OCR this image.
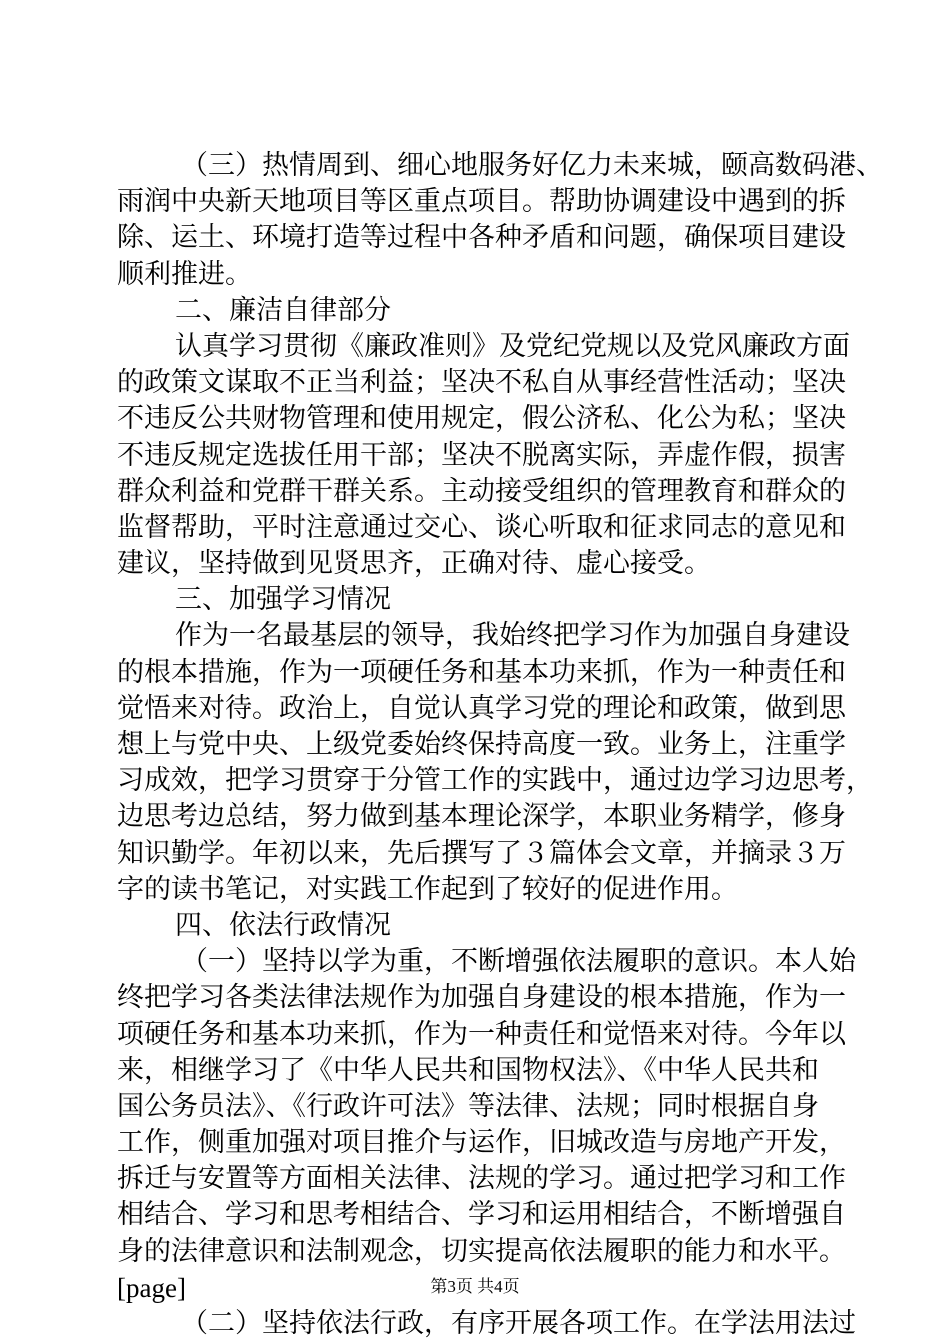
（三）热情周到、细心地服务好亿力未来城，颐高数码港、
雨润中央新天地项目等区重点项目。帮助协调建设中遇到的拆
除、运土、环境打造等过程中各种矛盾和问题，确保项目建设
顺利推进。
二、廉洁自律部分
认真学习贯彻《廉政准则》及党纪党规以及党风廉政方面
的政策文谋取不正当利益；坚决不私自从事经营性活动；坚决
不违反公共财物管理和使用规定，假公济私、化公为私；坚决
不违反规定选拔任用干部；坚决不脱离实际，弄虚作假，损害
群众利益和党群干群关系。主动接受组织的管理教育和群众的
监督帮助，平时注意通过交心、谈心听取和征求同志的意见和
建议，坚持做到见贤思齐，正确对待、虚心接受。
三、加强学习情况
作为一名最基层的领导，我始终把学习作为加强自身建设
的根本措施，作为一项硬任务和基本功来抓，作为一种责任和
觉悟来对待。政治上，自觉认真学习党的理论和政策，做到思
想上与党中央、上级党委始终保持高度一致。业务上，注重学
习成效，把学习贯穿于分管工作的实践中，通过边学习边思考，
边思考边总结，努力做到基本理论深学，本职业务精学，修身
知识勤学。年初以来，先后撰写了３篇体会文章，并摘录３万
字的读书笔记，对实践工作起到了较好的促进作用。
四、依法行政情况
（一）坚持以学为重，不断增强依法履职的意识。本人始
终把学习各类法律法规作为加强自身建设的根本措施，作为一
项硬任务和基本功来抓，作为一种责任和觉悟来对待。今年以
来，相继学习了《中华人民共和国物权法》、《中华人民共和
国公务员法》、《行政许可法》等法律、法规；同时根据自身
工作，侧重加强对项目推介与运作，旧城改造与房地产开发，
拆迁与安置等方面相关法律、法规的学习。通过把学习和工作
相结合、学习和思考相结合、学习和运用相结合，不断增强自
身的法律意识和法制观念，切实提高依法履职的能力和水平。
[page]
（二）坚持依法行政，有序开展各项工作。在学法用法过
第3页 共4页
